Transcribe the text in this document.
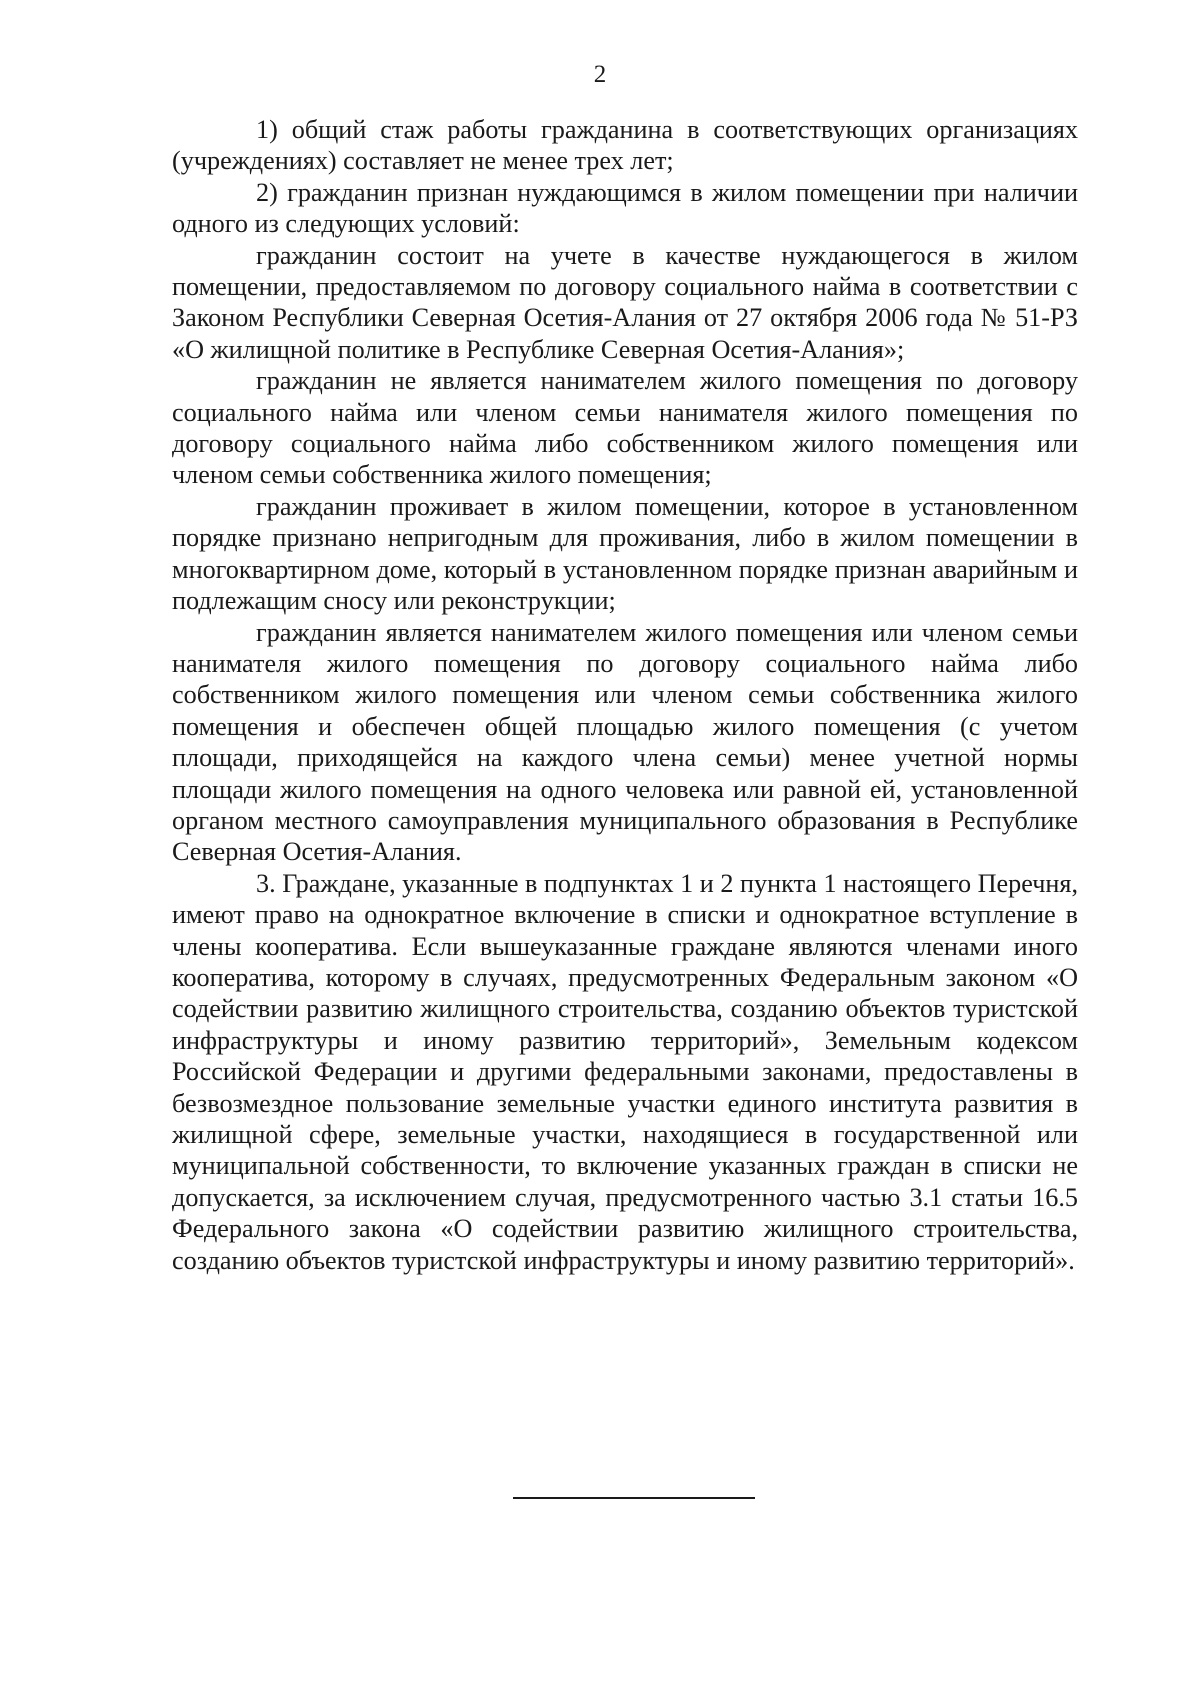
2

1) общий стаж работы гражданина в соответствующих организациях (учреждениях) составляет не менее трех лет;

2) гражданин признан нуждающимся в жилом помещении при наличии одного из следующих условий:

гражданин состоит на учете в качестве нуждающегося в жилом помещении, предоставляемом по договору социального найма в соответствии с Законом Республики Северная Осетия-Алания от 27 октября 2006 года № 51-РЗ «О жилищной политике в Республике Северная Осетия-Алания»;

гражданин не является нанимателем жилого помещения по договору социального найма или членом семьи нанимателя жилого помещения по договору социального найма либо собственником жилого помещения или членом семьи собственника жилого помещения;

гражданин проживает в жилом помещении, которое в установленном порядке признано непригодным для проживания, либо в жилом помещении в многоквартирном доме, который в установленном порядке признан аварийным и подлежащим сносу или реконструкции;

гражданин является нанимателем жилого помещения или членом семьи нанимателя жилого помещения по договору социального найма либо собственником жилого помещения или членом семьи собственника жилого помещения и обеспечен общей площадью жилого помещения (с учетом площади, приходящейся на каждого члена семьи) менее учетной нормы площади жилого помещения на одного человека или равной ей, установленной органом местного самоуправления муниципального образования в Республике Северная Осетия-Алания.

3. Граждане, указанные в подпунктах 1 и 2 пункта 1 настоящего Перечня, имеют право на однократное включение в списки и однократное вступление в члены кооператива. Если вышеуказанные граждане являются членами иного кооператива, которому в случаях, предусмотренных Федеральным законом «О содействии развитию жилищного строительства, созданию объектов туристской инфраструктуры и иному развитию территорий», Земельным кодексом Российской Федерации и другими федеральными законами, предоставлены в безвозмездное пользование земельные участки единого института развития в жилищной сфере, земельные участки, находящиеся в государственной или муниципальной собственности, то включение указанных граждан в списки не допускается, за исключением случая, предусмотренного частью 3.1 статьи 16.5 Федерального закона «О содействии развитию жилищного строительства, созданию объектов туристской инфраструктуры и иному развитию территорий».
